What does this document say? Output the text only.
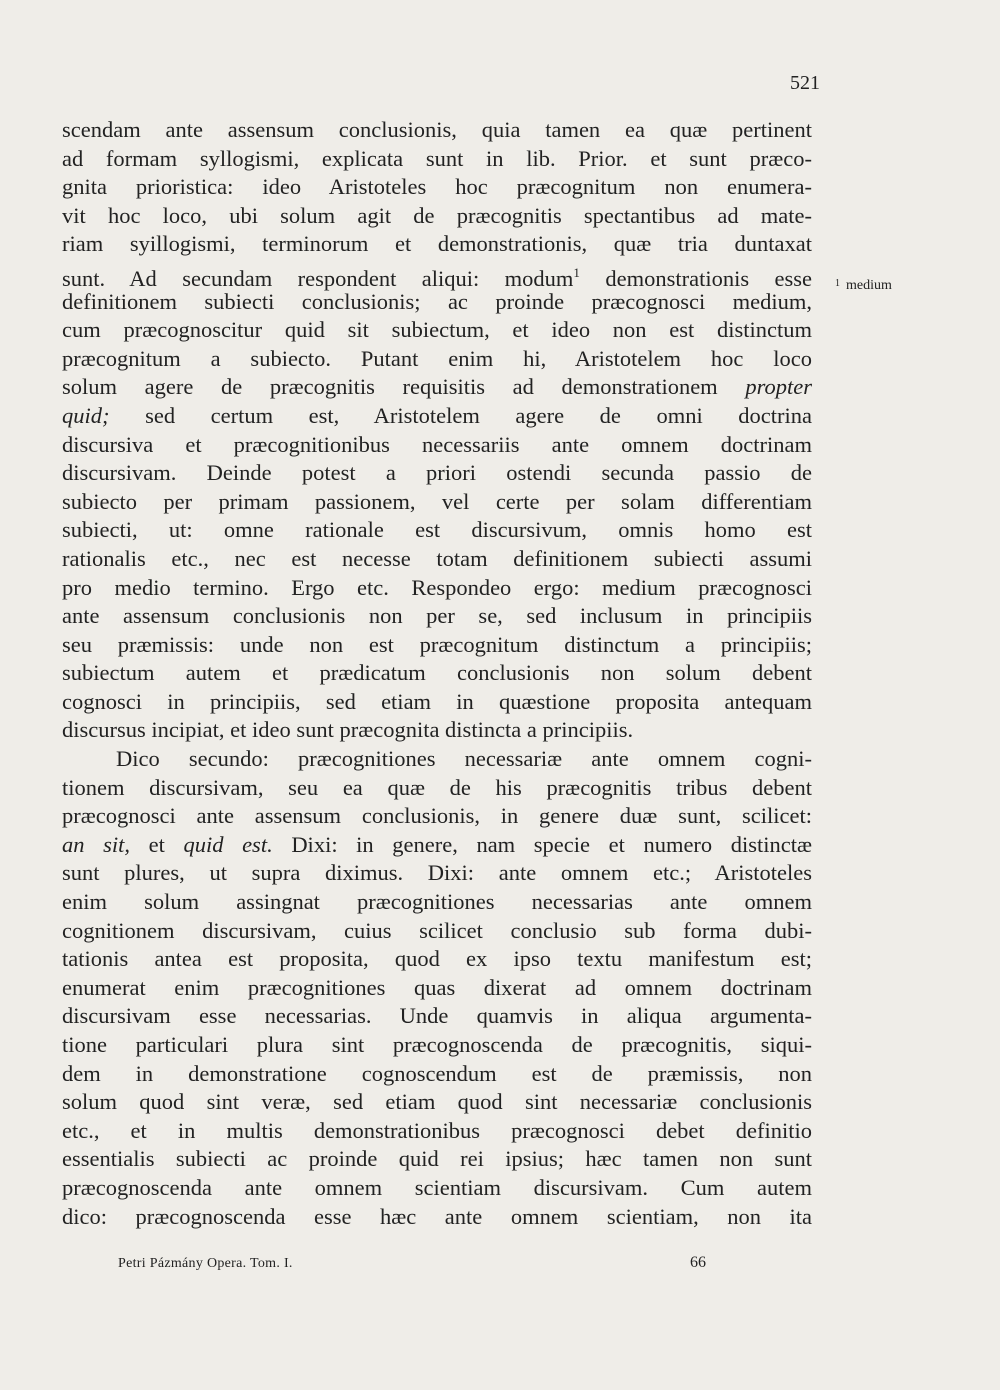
521
scendam ante assensum conclusionis, quia tamen ea quæ pertinent
ad formam syllogismi, explicata sunt in lib. Prior. et sunt præco-
gnita prioristica: ideo Aristoteles hoc præcognitum non enumera-
vit hoc loco, ubi solum agit de præcognitis spectantibus ad mate-
riam syillogismi, terminorum et demonstrationis, quæ tria duntaxat
sunt. Ad secundam respondent aliqui: modum$^1$ demonstrationis esse
definitionem subiecti conclusionis; ac proinde præcognosci medium,
cum præcognoscitur quid sit subiectum, et ideo non est distinctum
præcognitum a subiecto. Putant enim hi, Aristotelem hoc loco
solum agere de præcognitis requisitis ad demonstrationem propter
quid; sed certum est, Aristotelem agere de omni doctrina
discursiva et præcognitionibus necessariis ante omnem doctrinam
discursivam. Deinde potest a priori ostendi secunda passio de
subiecto per primam passionem, vel certe per solam differentiam
subiecti, ut: omne rationale est discursivum, omnis homo est
rationalis etc., nec est necesse totam definitionem subiecti assumi
pro medio termino. Ergo etc. Respondeo ergo: medium præcognosci
ante assensum conclusionis non per se, sed inclusum in principiis
seu præmissis: unde non est præcognitum distinctum a principiis;
subiectum autem et prædicatum conclusionis non solum debent
cognosci in principiis, sed etiam in quæstione proposita antequam
discursus incipiat, et ideo sunt præcognita distincta a principiis.
Dico secundo: præcognitiones necessariæ ante omnem cogni-
tionem discursivam, seu ea quæ de his præcognitis tribus debent
præcognosci ante assensum conclusionis, in genere duæ sunt, scilicet:
an sit, et quid est. Dixi: in genere, nam specie et numero distinctæ
sunt plures, ut supra diximus. Dixi: ante omnem etc.; Aristoteles
enim solum assingnat præcognitiones necessarias ante omnem
cognitionem discursivam, cuius scilicet conclusio sub forma dubi-
tationis antea est proposita, quod ex ipso textu manifestum est;
enumerat enim præcognitiones quas dixerat ad omnem doctrinam
discursivam esse necessarias. Unde quamvis in aliqua argumenta-
tione particulari plura sint præcognoscenda de præcognitis, siqui-
dem in demonstratione cognoscendum est de præmissis, non
solum quod sint veræ, sed etiam quod sint necessariæ conclusionis
etc., et in multis demonstrationibus præcognosci debet definitio
essentialis subiecti ac proinde quid rei ipsius; hæc tamen non sunt
præcognoscenda ante omnem scientiam discursivam. Cum autem
dico: præcognoscenda esse hæc ante omnem scientiam, non ita
$^1$ medium
Petri Pázmány Opera. Tom. I.	66
